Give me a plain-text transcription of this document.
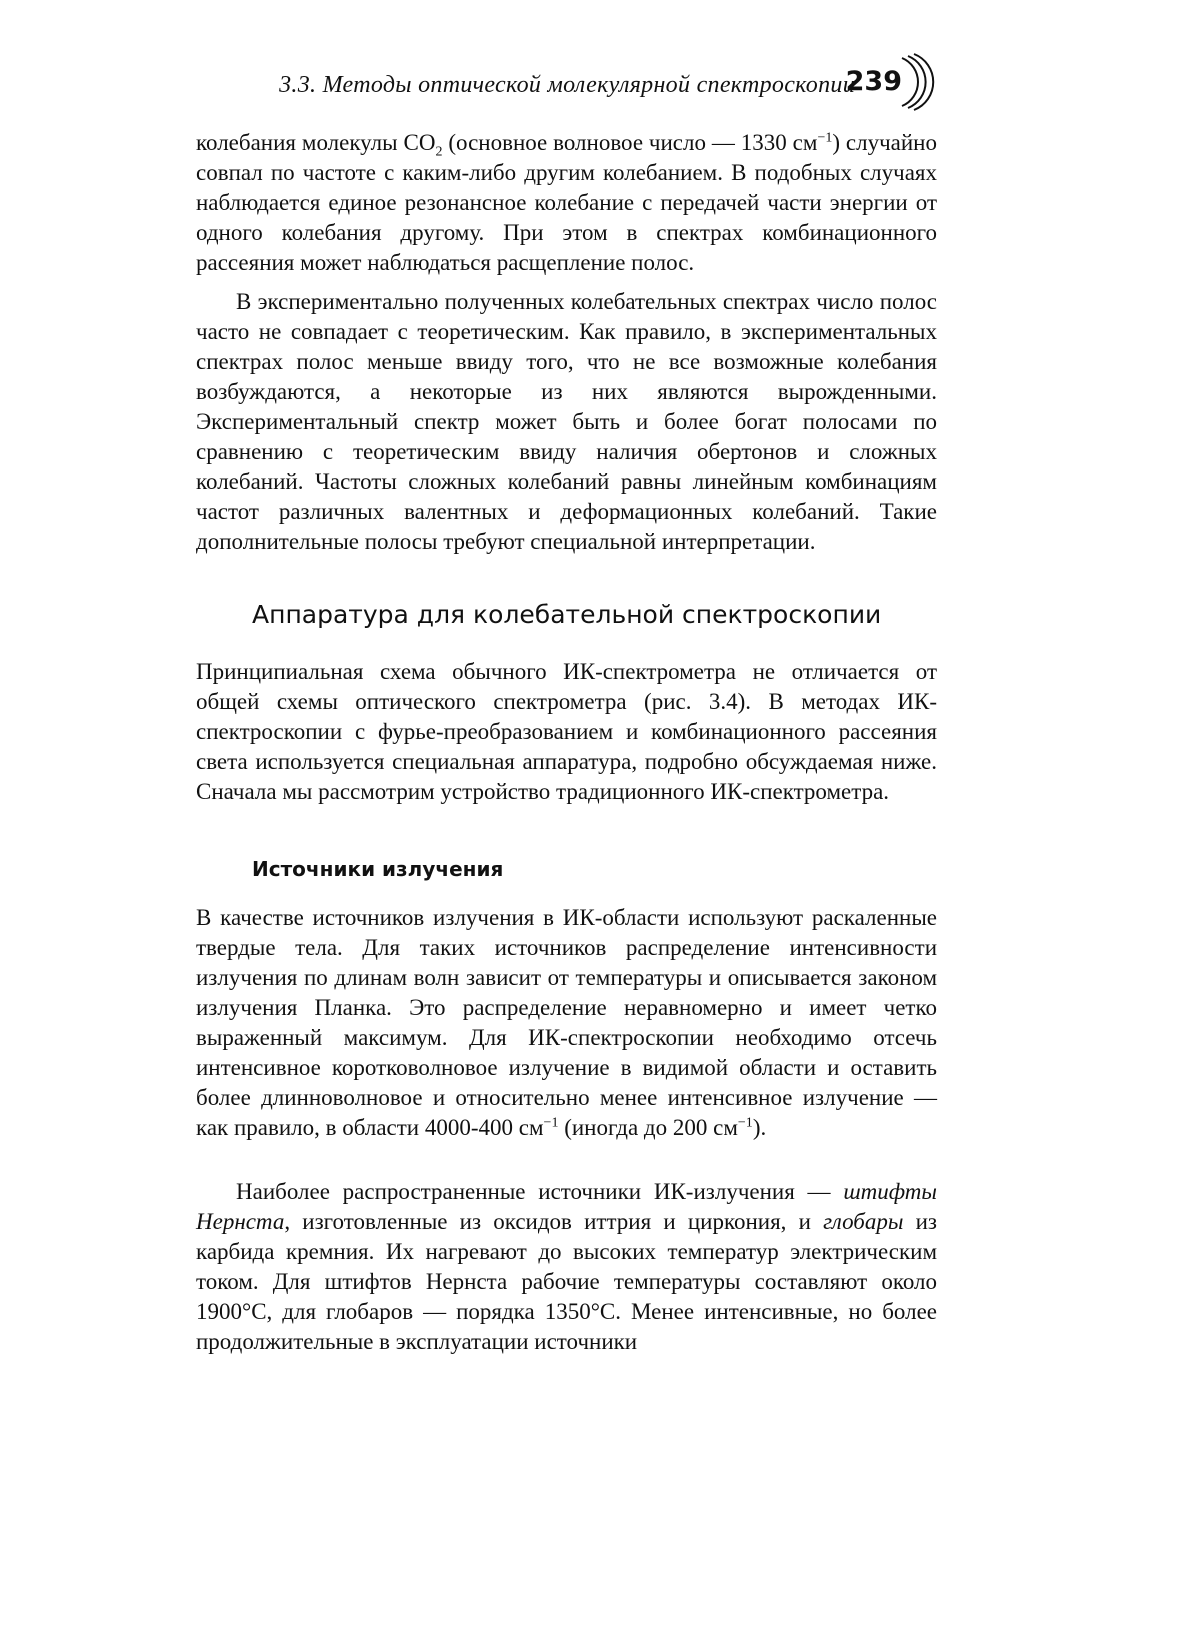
3.3. Методы оптической молекулярной спектроскопии
239

колебания молекулы $CO_2$ (основное волновое число — 1330 $см^{-1}$) случайно совпал по частоте с каким-либо другим колебанием. В подобных случаях наблюдается единое резонансное колебание с передачей части энергии от одного колебания другому. При этом в спектрах комбинационного рассеяния может наблюдаться расщепление полос.

В экспериментально полученных колебательных спектрах число полос часто не совпадает с теоретическим. Как правило, в экспериментальных спектрах полос меньше ввиду того, что не все возможные колебания возбуждаются, а некоторые из них являются вырожденными. Экспериментальный спектр может быть и более богат полосами по сравнению с теоретическим ввиду наличия обертонов и сложных колебаний. Частоты сложных колебаний равны линейным комбинациям частот различных валентных и деформационных колебаний. Такие дополнительные полосы требуют специальной интерпретации.

Аппаратура для колебательной спектроскопии

Принципиальная схема обычного ИК-спектрометра не отличается от общей схемы оптического спектрометра (рис. 3.4). В методах ИК-спектроскопии с фурье-преобразованием и комбинационного рассеяния света используется специальная аппаратура, подробно обсуждаемая ниже. Сначала мы рассмотрим устройство традиционного ИК-спектрометра.

Источники излучения

В качестве источников излучения в ИК-области используют раскаленные твердые тела. Для таких источников распределение интенсивности излучения по длинам волн зависит от температуры и описывается законом излучения Планка. Это распределение неравномерно и имеет четко выраженный максимум. Для ИК-спектроскопии необходимо отсечь интенсивное коротковолновое излучение в видимой области и оставить более длинноволновое и относительно менее интенсивное излучение — как правило, в области 4000-400 $см^{-1}$ (иногда до 200 $см^{-1}$).

Наиболее распространенные источники ИК-излучения — штифты Нернста, изготовленные из оксидов иттрия и циркония, и глобары из карбида кремния. Их нагревают до высоких температур электрическим током. Для штифтов Нернста рабочие температуры составляют около 1900°C, для глобаров — порядка 1350°C. Менее интенсивные, но более продолжительные в эксплуатации источники
